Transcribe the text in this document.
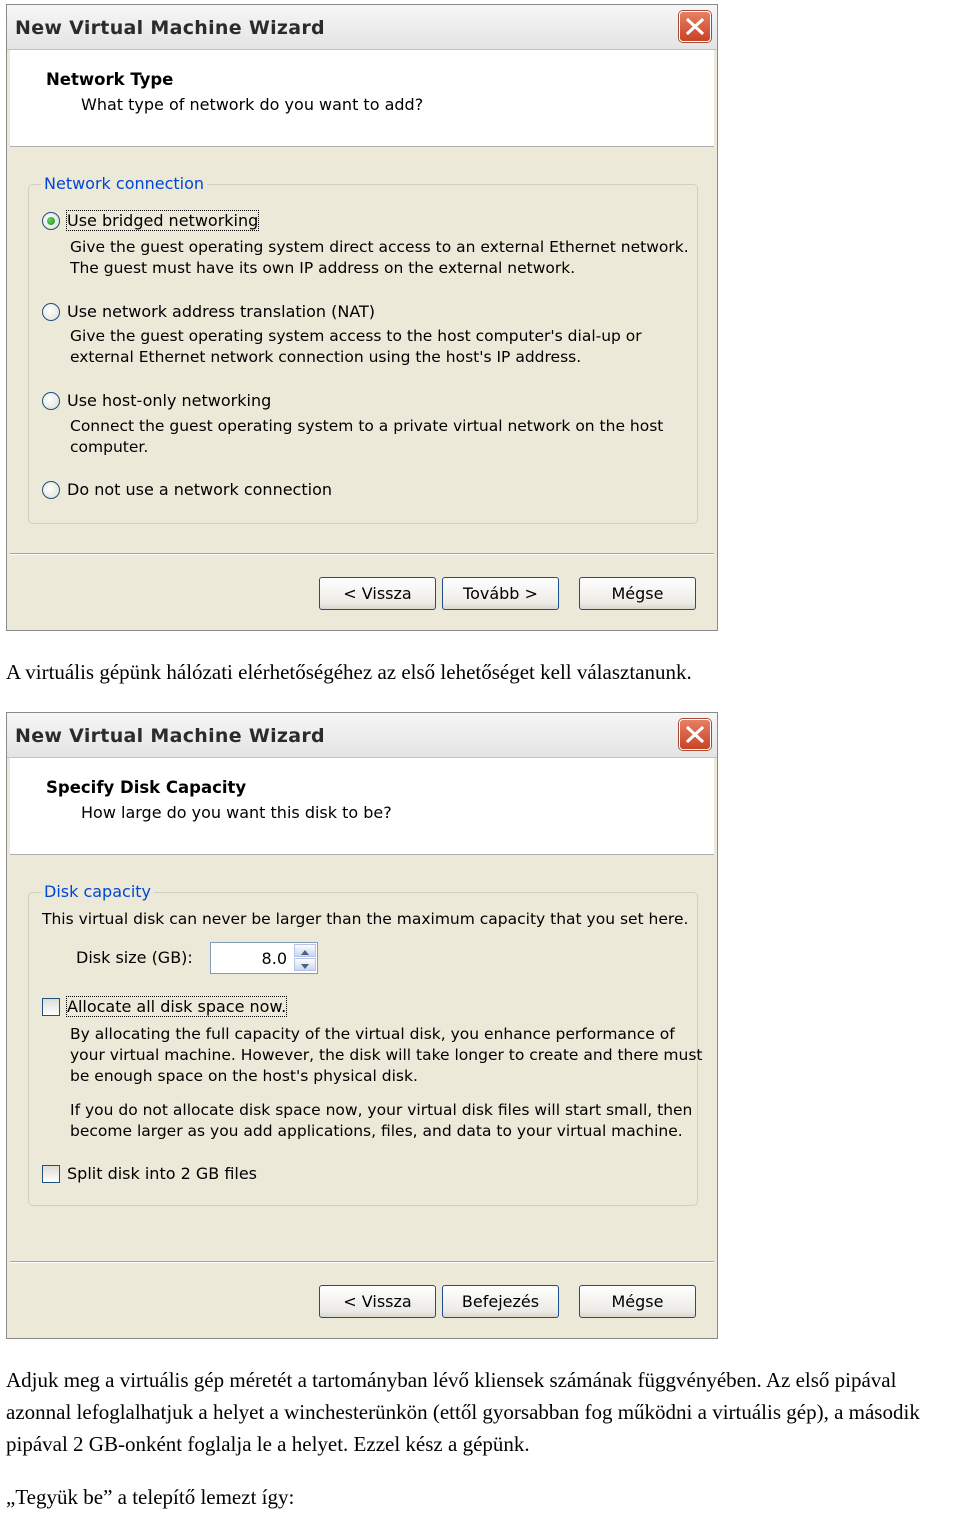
New Virtual Machine Wizard
Network Type
What type of network do you want to add?
Network connection
Use bridged networking
Give the guest operating system direct access to an external Ethernet network.
The guest must have its own IP address on the external network.
Use network address translation (NAT)
Give the guest operating system access to the host computer's dial-up or
external Ethernet network connection using the host's IP address.
Use host-only networking
Connect the guest operating system to a private virtual network on the host
computer.
Do not use a network connection
< Vissza	Tovább >	Mégse
A virtuális gépünk hálózati elérhetőségéhez az első lehetőséget kell választanunk.
New Virtual Machine Wizard
Specify Disk Capacity
How large do you want this disk to be?
Disk capacity
This virtual disk can never be larger than the maximum capacity that you set here.
Disk size (GB):	8.0
Allocate all disk space now.
By allocating the full capacity of the virtual disk, you enhance performance of
your virtual machine. However, the disk will take longer to create and there must
be enough space on the host's physical disk.
If you do not allocate disk space now, your virtual disk files will start small, then
become larger as you add applications, files, and data to your virtual machine.
Split disk into 2 GB files
< Vissza	Befejezés	Mégse
Adjuk meg a virtuális gép méretét a tartományban lévő kliensek számának függvényében. Az első pipával azonnal lefoglalhatjuk a helyet a winchesterünkön (ettől gyorsabban fog működni a virtuális gép), a második pipával 2 GB-onként foglalja le a helyet. Ezzel kész a gépünk.
„Tegyük be” a telepítő lemezt így:
